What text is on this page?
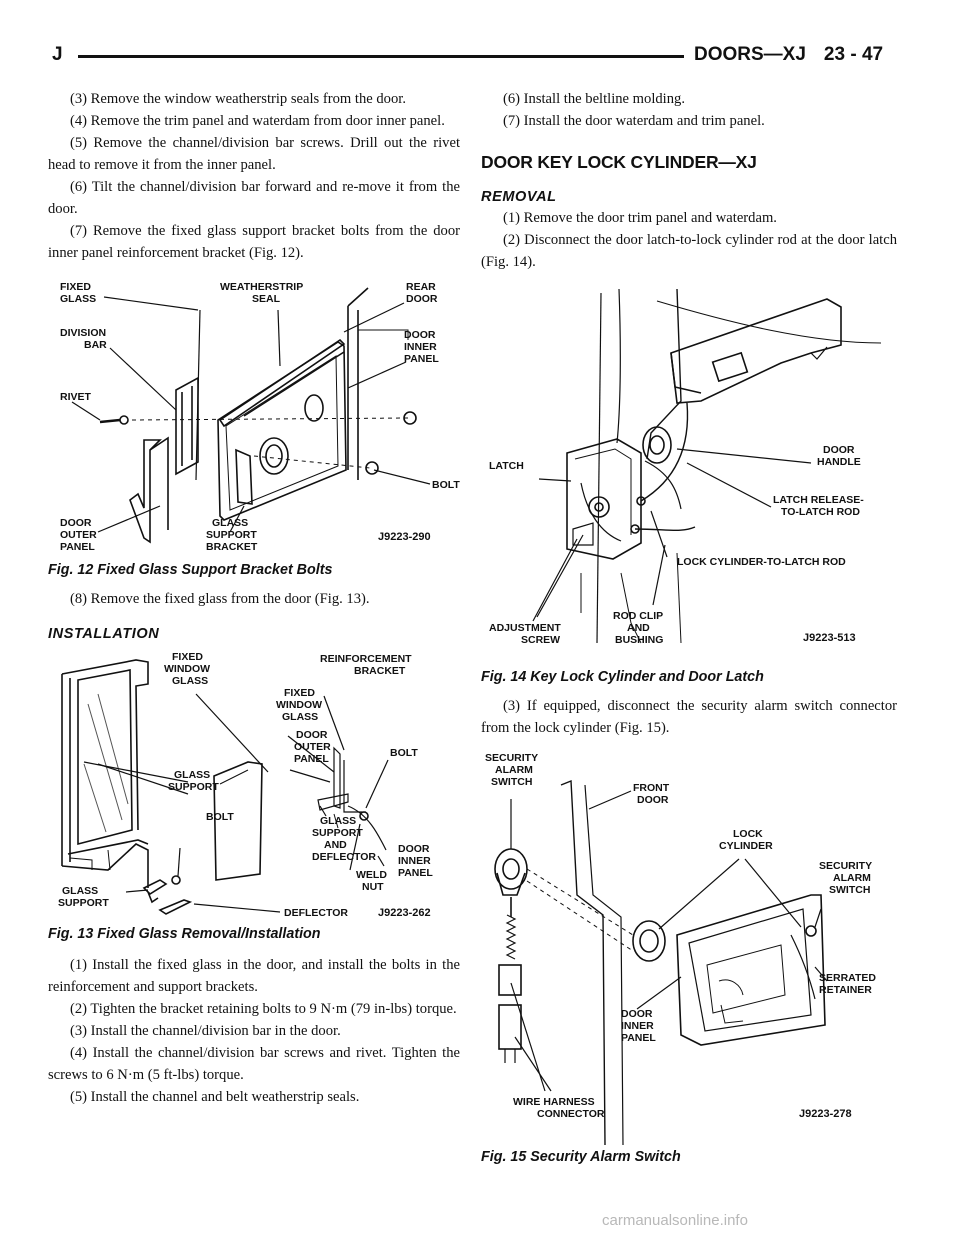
J	DOORS—XJ 23 - 47

(3) Remove the window weatherstrip seals from the door.

(4) Remove the trim panel and waterdam from door inner panel.

(5) Remove the channel/division bar screws. Drill out the rivet head to remove it from the inner panel.

(6) Tilt the channel/division bar forward and re-move it from the door.

(7) Remove the fixed glass support bracket bolts from the door inner panel reinforcement bracket (Fig. 12).

FIXED
GLASS
WEATHERSTRIP
SEAL
REAR
DOOR
DIVISION
BAR
DOOR
INNER
PANEL
RIVET
BOLT
DOOR
OUTER
PANEL
GLASS
SUPPORT
BRACKET
J9223-290

Fig. 12 Fixed Glass Support Bracket Bolts

(8) Remove the fixed glass from the door (Fig. 13).

INSTALLATION
FIXED
WINDOW
GLASS
REINFORCEMENT
BRACKET
FIXED
WINDOW
GLASS
DOOR
OUTER
PANEL	BOLT
GLASS
SUPPORT
BOLT	GLASS
SUPPORT
AND
DEFLECTOR
DOOR
INNER
PANEL
WELD
NUT
GLASS
SUPPORT
DEFLECTOR	J9223-262

Fig. 13 Fixed Glass Removal/Installation

(1) Install the fixed glass in the door, and install the bolts in the reinforcement and support brackets.

(2) Tighten the bracket retaining bolts to 9 N·m (79 in-lbs) torque.

(3) Install the channel/division bar in the door.

(4) Install the channel/division bar screws and rivet. Tighten the screws to 6 N·m (5 ft-lbs) torque.

(5) Install the channel and belt weatherstrip seals.

(6) Install the beltline molding.

(7) Install the door waterdam and trim panel.

DOOR KEY LOCK CYLINDER—XJ
REMOVAL

(1) Remove the door trim panel and waterdam.

(2) Disconnect the door latch-to-lock cylinder rod at the door latch (Fig. 14).

LATCH
DOOR
HANDLE
LATCH RELEASE-
TO-LATCH ROD
LOCK CYLINDER-TO-LATCH ROD
ADJUSTMENT
SCREW
ROD CLIP
AND
BUSHING	J9223-513

Fig. 14 Key Lock Cylinder and Door Latch

(3) If equipped, disconnect the security alarm switch connector from the lock cylinder (Fig. 15).

SECURITY
ALARM
SWITCH	FRONT
DOOR
LOCK
CYLINDER
SECURITY
ALARM
SWITCH
SERRATED
RETAINER
DOOR
INNER
PANEL
WIRE HARNESS
CONNECTOR	J9223-278

Fig. 15 Security Alarm Switch

carmanualsonline.info
